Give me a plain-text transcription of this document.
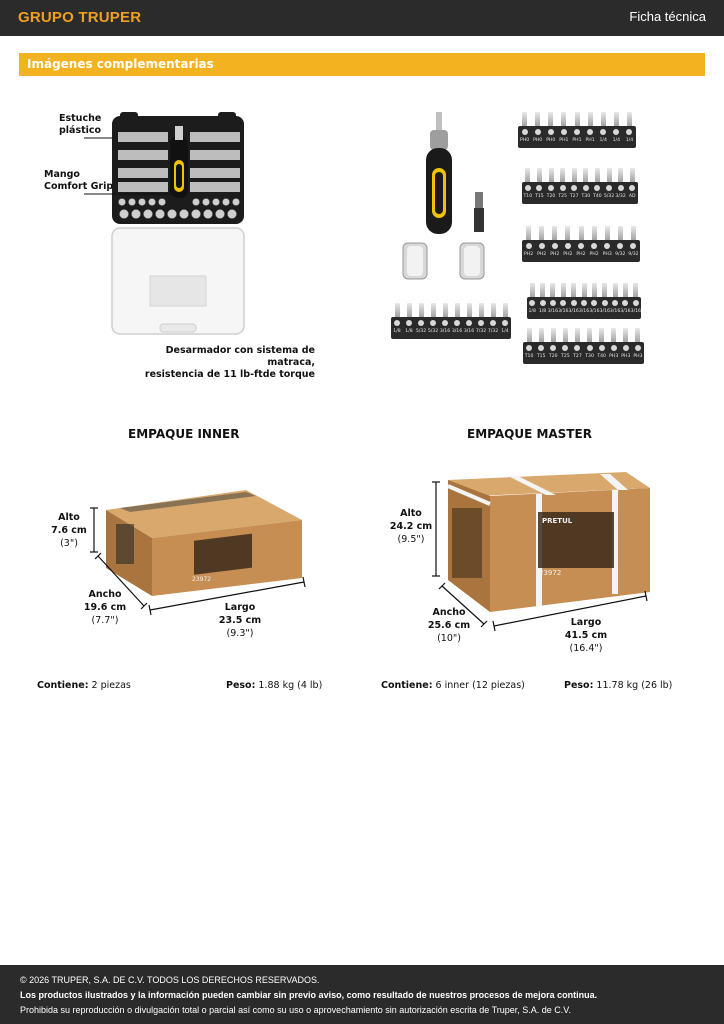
GRUPO TRUPER	Ficha técnica
Imágenes complementarias
Estuche
plástico
Mango
Comfort Grip
Desarmador con sistema de matraca,
resistencia de 11 lb-ftde torque
PH0 PH0 PH0 PH1 PH1 PH1	1/4	1/4	1/4
T10 T15 T20 T25 T27 T30 T40 5/32 3/32 AD
PH2 PH2 PH2 PH2 PH2 PH2 PH3 9/32 9/32
1/8 1/8 3/16 3/16 3/16 3/16 3/16 3/16 3/16 3/16 3/16
1/8 1/8 5/32 5/32 3/16 3/16 3/16 7/32 7/32 1/4
T10 T15 T20 T25 T27 T30 T40 PH3 PH3 PH3
EMPAQUE INNER
23972
Alto
7.6 cm
(3")
Ancho
19.6 cm
(7.7")
Largo
23.5 cm
(9.3")
Contiene: 2 piezas	Peso: 1.88 kg (4 lb)
EMPAQUE MASTER
PRETUL
23972
Alto
24.2 cm
(9.5")
Ancho
25.6 cm
(10")
Largo
41.5 cm
(16.4")
Contiene: 6 inner (12 piezas)	Peso: 11.78 kg (26 lb)
© 2026 TRUPER, S.A. DE C.V. TODOS LOS DERECHOS RESERVADOS.
Los productos ilustrados y la información pueden cambiar sin previo aviso, como resultado de nuestros procesos de mejora continua.
Prohibida su reproducción o divulgación total o parcial así como su uso o aprovechamiento sin autorización escrita de Truper, S.A. de C.V.
